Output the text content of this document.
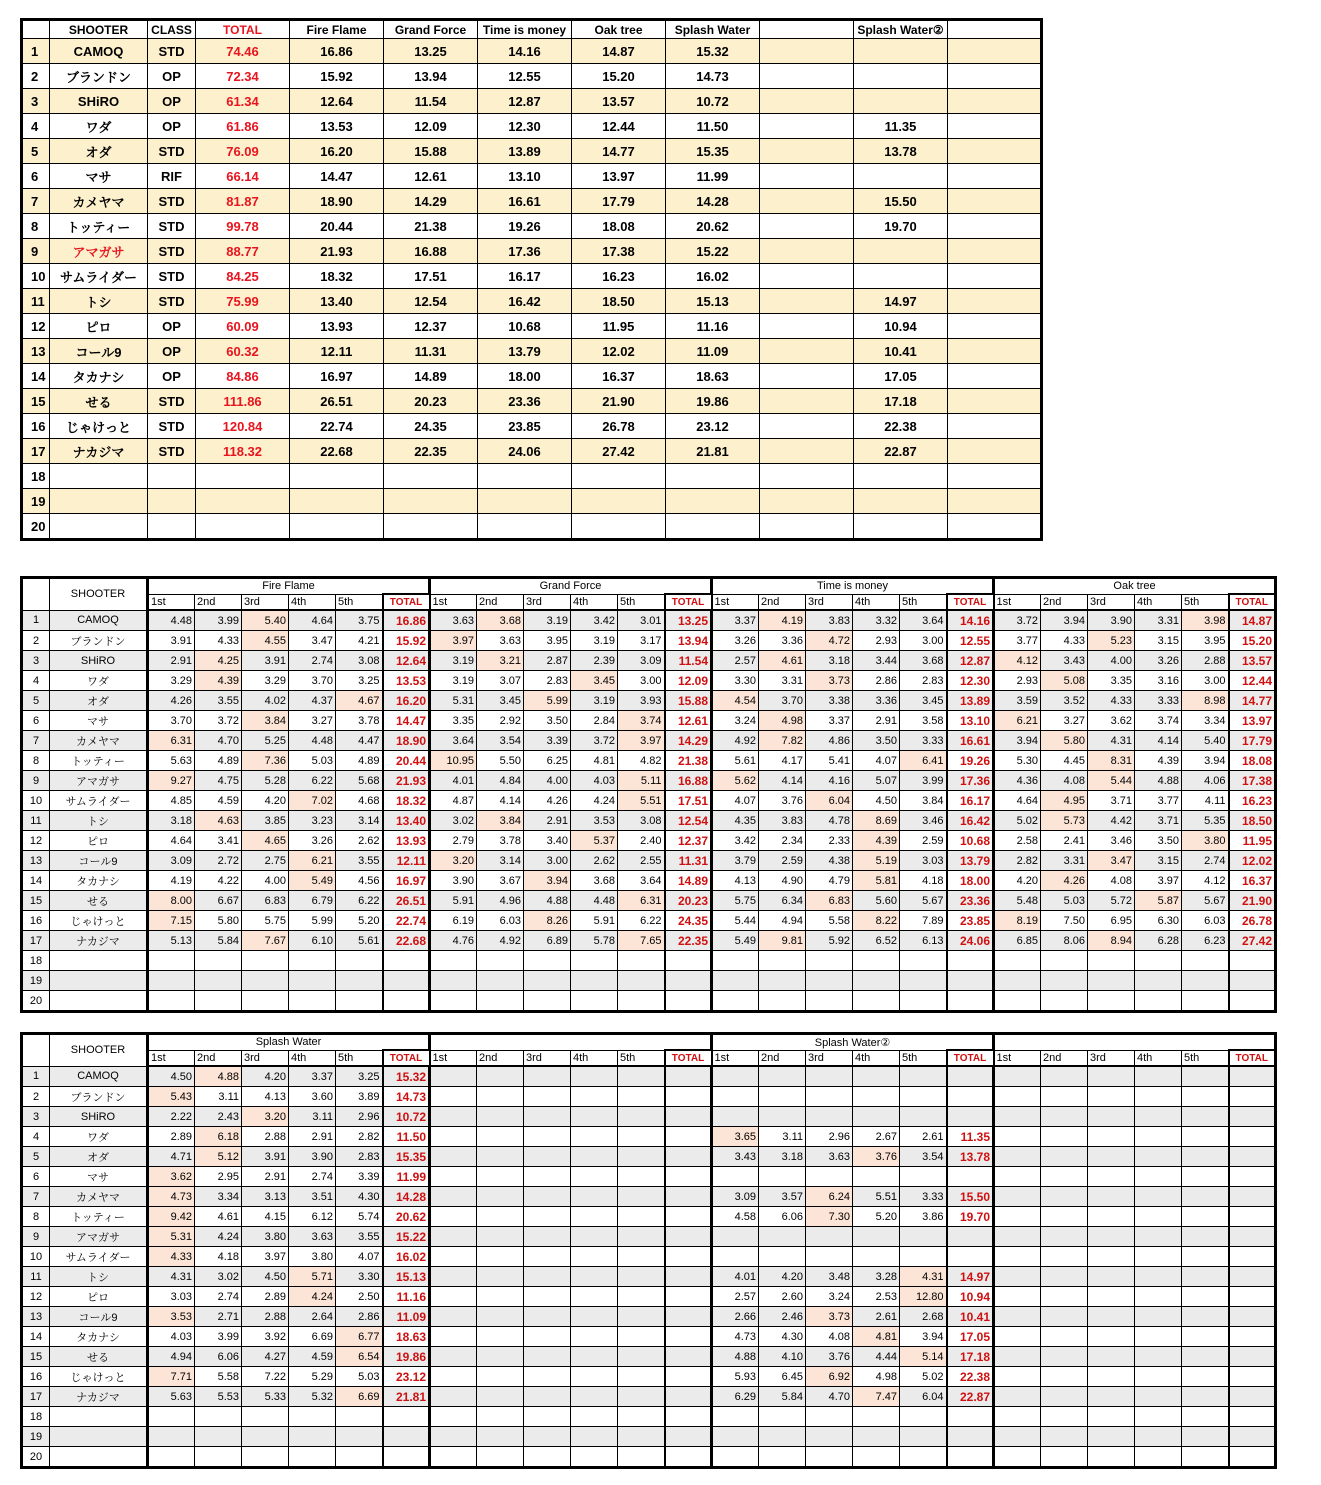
	SHOOTER	CLASS	TOTAL	Fire Flame	Grand Force	Time is money	Oak tree	Splash Water		Splash Water②	
1	CAMOQ	STD	74.46	16.86	13.25	14.16	14.87	15.32			
2	ブランドン	OP	72.34	15.92	13.94	12.55	15.20	14.73			
3	SHiRO	OP	61.34	12.64	11.54	12.87	13.57	10.72			
4	ワダ	OP	61.86	13.53	12.09	12.30	12.44	11.50		11.35	
5	オダ	STD	76.09	16.20	15.88	13.89	14.77	15.35		13.78	
6	マサ	RIF	66.14	14.47	12.61	13.10	13.97	11.99			
7	カメヤマ	STD	81.87	18.90	14.29	16.61	17.79	14.28		15.50	
8	トッティー	STD	99.78	20.44	21.38	19.26	18.08	20.62		19.70	
9	アマガサ	STD	88.77	21.93	16.88	17.36	17.38	15.22			
10	サムライダー	STD	84.25	18.32	17.51	16.17	16.23	16.02			
11	トシ	STD	75.99	13.40	12.54	16.42	18.50	15.13		14.97	
12	ピロ	OP	60.09	13.93	12.37	10.68	11.95	11.16		10.94	
13	コール9	OP	60.32	12.11	11.31	13.79	12.02	11.09		10.41	
14	タカナシ	OP	84.86	16.97	14.89	18.00	16.37	18.63		17.05	
15	せる	STD	111.86	26.51	20.23	23.36	21.90	19.86		17.18	
16	じゃけっと	STD	120.84	22.74	24.35	23.85	26.78	23.12		22.38	
17	ナカジマ	STD	118.32	22.68	22.35	24.06	27.42	21.81		22.87	
18											
19											
20											
	SHOOTER	Fire Flame						Grand Force						Time is money						Oak tree					
		1st	2nd	3rd	4th	5th	TOTAL	1st	2nd	3rd	4th	5th	TOTAL	1st	2nd	3rd	4th	5th	TOTAL	1st	2nd	3rd	4th	5th	TOTAL
1	CAMOQ	4.48	3.99	5.40	4.64	3.75	16.86	3.63	3.68	3.19	3.42	3.01	13.25	3.37	4.19	3.83	3.32	3.64	14.16	3.72	3.94	3.90	3.31	3.98	14.87
2	ブランドン	3.91	4.33	4.55	3.47	4.21	15.92	3.97	3.63	3.95	3.19	3.17	13.94	3.26	3.36	4.72	2.93	3.00	12.55	3.77	4.33	5.23	3.15	3.95	15.20
3	SHiRO	2.91	4.25	3.91	2.74	3.08	12.64	3.19	3.21	2.87	2.39	3.09	11.54	2.57	4.61	3.18	3.44	3.68	12.87	4.12	3.43	4.00	3.26	2.88	13.57
4	ワダ	3.29	4.39	3.29	3.70	3.25	13.53	3.19	3.07	2.83	3.45	3.00	12.09	3.30	3.31	3.73	2.86	2.83	12.30	2.93	5.08	3.35	3.16	3.00	12.44
5	オダ	4.26	3.55	4.02	4.37	4.67	16.20	5.31	3.45	5.99	3.19	3.93	15.88	4.54	3.70	3.38	3.36	3.45	13.89	3.59	3.52	4.33	3.33	8.98	14.77
6	マサ	3.70	3.72	3.84	3.27	3.78	14.47	3.35	2.92	3.50	2.84	3.74	12.61	3.24	4.98	3.37	2.91	3.58	13.10	6.21	3.27	3.62	3.74	3.34	13.97
7	カメヤマ	6.31	4.70	5.25	4.48	4.47	18.90	3.64	3.54	3.39	3.72	3.97	14.29	4.92	7.82	4.86	3.50	3.33	16.61	3.94	5.80	4.31	4.14	5.40	17.79
8	トッティー	5.63	4.89	7.36	5.03	4.89	20.44	10.95	5.50	6.25	4.81	4.82	21.38	5.61	4.17	5.41	4.07	6.41	19.26	5.30	4.45	8.31	4.39	3.94	18.08
9	アマガサ	9.27	4.75	5.28	6.22	5.68	21.93	4.01	4.84	4.00	4.03	5.11	16.88	5.62	4.14	4.16	5.07	3.99	17.36	4.36	4.08	5.44	4.88	4.06	17.38
10	サムライダー	4.85	4.59	4.20	7.02	4.68	18.32	4.87	4.14	4.26	4.24	5.51	17.51	4.07	3.76	6.04	4.50	3.84	16.17	4.64	4.95	3.71	3.77	4.11	16.23
11	トシ	3.18	4.63	3.85	3.23	3.14	13.40	3.02	3.84	2.91	3.53	3.08	12.54	4.35	3.83	4.78	8.69	3.46	16.42	5.02	5.73	4.42	3.71	5.35	18.50
12	ピロ	4.64	3.41	4.65	3.26	2.62	13.93	2.79	3.78	3.40	5.37	2.40	12.37	3.42	2.34	2.33	4.39	2.59	10.68	2.58	2.41	3.46	3.50	3.80	11.95
13	コール9	3.09	2.72	2.75	6.21	3.55	12.11	3.20	3.14	3.00	2.62	2.55	11.31	3.79	2.59	4.38	5.19	3.03	13.79	2.82	3.31	3.47	3.15	2.74	12.02
14	タカナシ	4.19	4.22	4.00	5.49	4.56	16.97	3.90	3.67	3.94	3.68	3.64	14.89	4.13	4.90	4.79	5.81	4.18	18.00	4.20	4.26	4.08	3.97	4.12	16.37
15	せる	8.00	6.67	6.83	6.79	6.22	26.51	5.91	4.96	4.88	4.48	6.31	20.23	5.75	6.34	6.83	5.60	5.67	23.36	5.48	5.03	5.72	5.87	5.67	21.90
16	じゃけっと	7.15	5.80	5.75	5.99	5.20	22.74	6.19	6.03	8.26	5.91	6.22	24.35	5.44	4.94	5.58	8.22	7.89	23.85	8.19	7.50	6.95	6.30	6.03	26.78
17	ナカジマ	5.13	5.84	7.67	6.10	5.61	22.68	4.76	4.92	6.89	5.78	7.65	22.35	5.49	9.81	5.92	6.52	6.13	24.06	6.85	8.06	8.94	6.28	6.23	27.42
18																									
19																									
20																									
	SHOOTER	Splash Water												Splash Water②											
		1st	2nd	3rd	4th	5th	TOTAL	1st	2nd	3rd	4th	5th	TOTAL	1st	2nd	3rd	4th	5th	TOTAL	1st	2nd	3rd	4th	5th	TOTAL
1	CAMOQ	4.50	4.88	4.20	3.37	3.25	15.32																		
2	ブランドン	5.43	3.11	4.13	3.60	3.89	14.73																		
3	SHiRO	2.22	2.43	3.20	3.11	2.96	10.72																		
4	ワダ	2.89	6.18	2.88	2.91	2.82	11.50							3.65	3.11	2.96	2.67	2.61	11.35						
5	オダ	4.71	5.12	3.91	3.90	2.83	15.35							3.43	3.18	3.63	3.76	3.54	13.78						
6	マサ	3.62	2.95	2.91	2.74	3.39	11.99																		
7	カメヤマ	4.73	3.34	3.13	3.51	4.30	14.28							3.09	3.57	6.24	5.51	3.33	15.50						
8	トッティー	9.42	4.61	4.15	6.12	5.74	20.62							4.58	6.06	7.30	5.20	3.86	19.70						
9	アマガサ	5.31	4.24	3.80	3.63	3.55	15.22																		
10	サムライダー	4.33	4.18	3.97	3.80	4.07	16.02																		
11	トシ	4.31	3.02	4.50	5.71	3.30	15.13							4.01	4.20	3.48	3.28	4.31	14.97						
12	ピロ	3.03	2.74	2.89	4.24	2.50	11.16							2.57	2.60	3.24	2.53	12.80	10.94						
13	コール9	3.53	2.71	2.88	2.64	2.86	11.09							2.66	2.46	3.73	2.61	2.68	10.41						
14	タカナシ	4.03	3.99	3.92	6.69	6.77	18.63							4.73	4.30	4.08	4.81	3.94	17.05						
15	せる	4.94	6.06	4.27	4.59	6.54	19.86							4.88	4.10	3.76	4.44	5.14	17.18						
16	じゃけっと	7.71	5.58	7.22	5.29	5.03	23.12							5.93	6.45	6.92	4.98	5.02	22.38						
17	ナカジマ	5.63	5.53	5.33	5.32	6.69	21.81							6.29	5.84	4.70	7.47	6.04	22.87						
18																									
19																									
20																									
